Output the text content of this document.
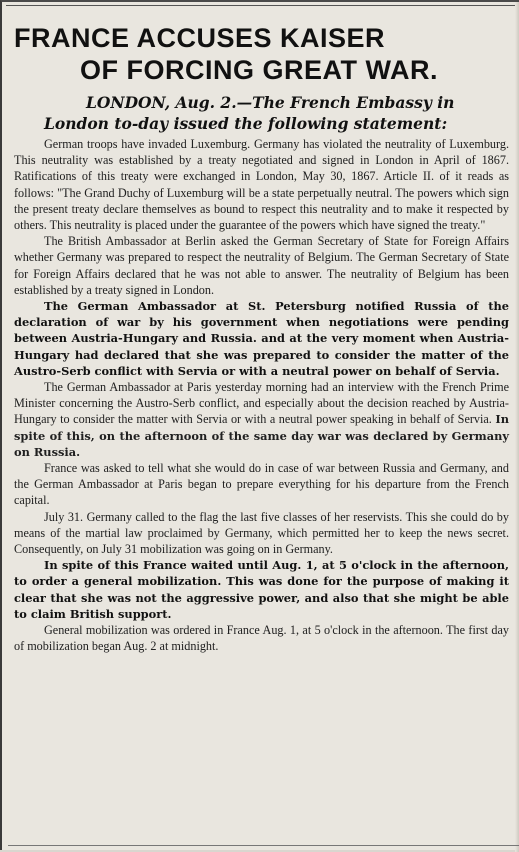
FRANCE ACCUSES KAISER
OF FORCING GREAT WAR.
LONDON, Aug. 2.—The French Embassy in
London to-day issued the following statement:

German troops have invaded Luxemburg. Germany has violated the neutrality of Luxemburg. This neutrality was established by a treaty negotiated and signed in London in April of 1867. Ratifications of this treaty were exchanged in London, May 30, 1867. Article II. of it reads as follows: "The Grand Duchy of Luxemburg will be a state perpetually neutral. The powers which sign the present treaty declare themselves as bound to respect this neutrality and to make it respected by others. This neutrality is placed under the guarantee of the powers which have signed the treaty."

The British Ambassador at Berlin asked the German Secretary of State for Foreign Affairs whether Germany was prepared to respect the neutrality of Belgium. The German Secretary of State for Foreign Affairs declared that he was not able to answer. The neutrality of Belgium has been established by a treaty signed in London.

The German Ambassador at St. Petersburg notified Russia of the declaration of war by his government when negotiations were pending between Austria-Hungary and Russia. and at the very moment when Austria-Hungary had declared that she was prepared to consider the matter of the Austro-Serb conflict with Servia or with a neutral power on behalf of Servia.

The German Ambassador at Paris yesterday morning had an interview with the French Prime Minister concerning the Austro-Serb conflict, and especially about the decision reached by Austria-Hungary to consider the matter with Servia or with a neutral power speaking in behalf of Servia. In spite of this, on the afternoon of the same day war was declared by Germany on Russia.

France was asked to tell what she would do in case of war between Russia and Germany, and the German Ambassador at Paris began to prepare everything for his departure from the French capital.

July 31. Germany called to the flag the last five classes of her reservists. This she could do by means of the martial law proclaimed by Germany, which permitted her to keep the news secret. Consequently, on July 31 mobilization was going on in Germany.

In spite of this France waited until Aug. 1, at 5 o'clock in the afternoon, to order a general mobilization. This was done for the purpose of making it clear that she was not the aggressive power, and also that she might be able to claim British support.

General mobilization was ordered in France Aug. 1, at 5 o'clock in the afternoon. The first day of mobilization began Aug. 2 at midnight.
